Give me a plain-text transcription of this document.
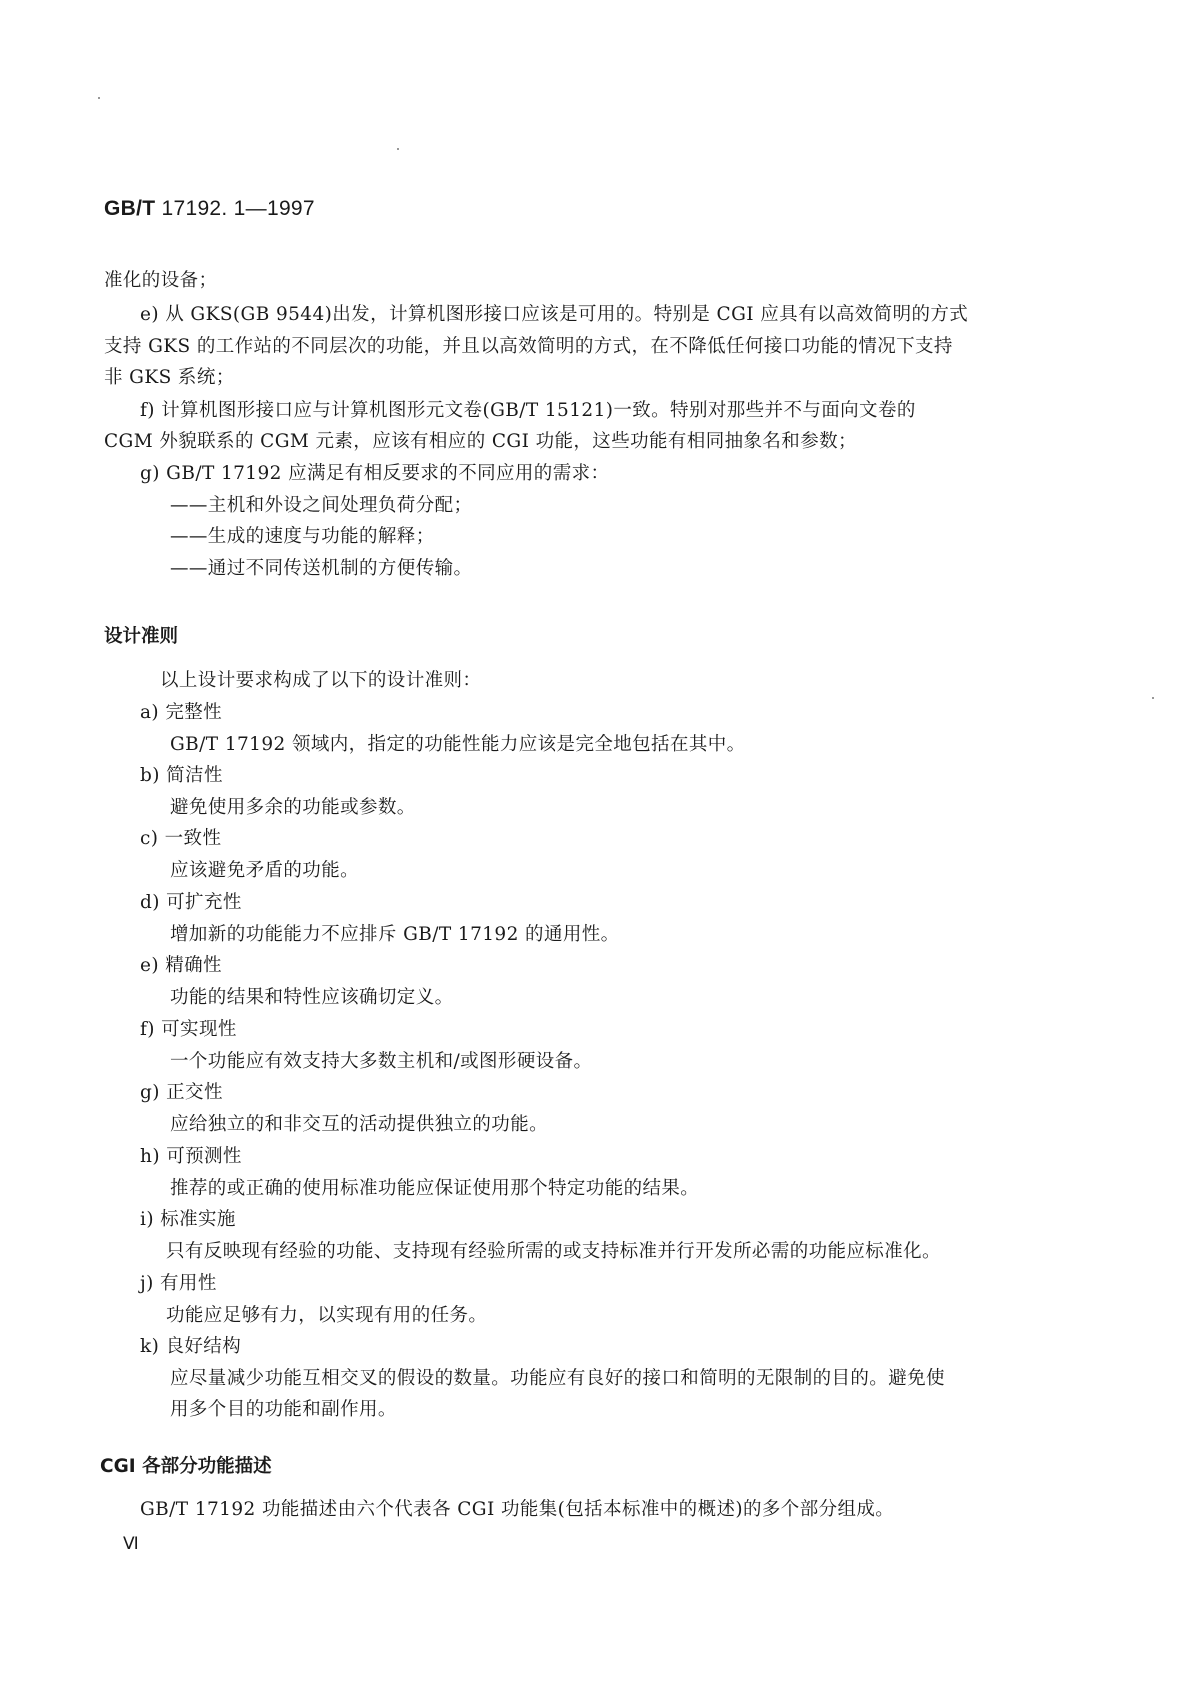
GB/T 17192. 1—1997
准化的设备；
e) 从 GKS(GB 9544)出发，计算机图形接口应该是可用的。特别是 CGI 应具有以高效简明的方式
支持 GKS 的工作站的不同层次的功能，并且以高效简明的方式，在不降低任何接口功能的情况下支持
非 GKS 系统；
f) 计算机图形接口应与计算机图形元文卷(GB/T 15121)一致。特别对那些并不与面向文卷的
CGM 外貌联系的 CGM 元素，应该有相应的 CGI 功能，这些功能有相同抽象名和参数；
g) GB/T 17192 应满足有相反要求的不同应用的需求：
——主机和外设之间处理负荷分配；
——生成的速度与功能的解释；
——通过不同传送机制的方便传输。
设计准则
以上设计要求构成了以下的设计准则：
a) 完整性
GB/T 17192 领域内，指定的功能性能力应该是完全地包括在其中。
b) 简洁性
避免使用多余的功能或参数。
c) 一致性
应该避免矛盾的功能。
d) 可扩充性
增加新的功能能力不应排斥 GB/T 17192 的通用性。
e) 精确性
功能的结果和特性应该确切定义。
f) 可实现性
一个功能应有效支持大多数主机和/或图形硬设备。
g) 正交性
应给独立的和非交互的活动提供独立的功能。
h) 可预测性
推荐的或正确的使用标准功能应保证使用那个特定功能的结果。
i) 标准实施
只有反映现有经验的功能、支持现有经验所需的或支持标准并行开发所必需的功能应标准化。
j) 有用性
功能应足够有力，以实现有用的任务。
k) 良好结构
应尽量减少功能互相交叉的假设的数量。功能应有良好的接口和简明的无限制的目的。避免使
用多个目的功能和副作用。
CGI 各部分功能描述
GB/T 17192 功能描述由六个代表各 CGI 功能集(包括本标准中的概述)的多个部分组成。
Ⅵ
